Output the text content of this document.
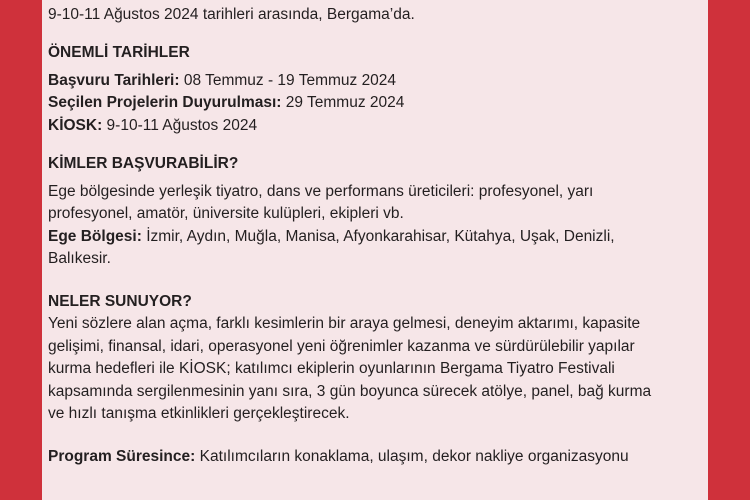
9-10-11 Ağustos 2024 tarihleri arasında, Bergama’da.

ÖNEMLİ TARİHLER

Başvuru Tarihleri: 08 Temmuz - 19 Temmuz 2024

Seçilen Projelerin Duyurulması: 29 Temmuz 2024

KİOSK: 9-10-11 Ağustos 2024

KİMLER BAŞVURABİLİR?

Ege bölgesinde yerleşik tiyatro, dans ve performans üreticileri: profesyonel, yarı
profesyonel, amatör, üniversite kulüpleri, ekipleri vb.

Ege Bölgesi: İzmir, Aydın, Muğla, Manisa, Afyonkarahisar, Kütahya, Uşak, Denizli,
Balıkesir.

NELER SUNUYOR?

Yeni sözlere alan açma, farklı kesimlerin bir araya gelmesi, deneyim aktarımı, kapasite
gelişimi, finansal, idari, operasyonel yeni öğrenimler kazanma ve sürdürülebilir yapılar
kurma hedefleri ile KİOSK; katılımcı ekiplerin oyunlarının Bergama Tiyatro Festivali
kapsamında sergilenmesinin yanı sıra, 3 gün boyunca sürecek atölye, panel, bağ kurma
ve hızlı tanışma etkinlikleri gerçekleştirecek.

Program Süresince: Katılımcıların konaklama, ulaşım, dekor nakliye organizasyonu
